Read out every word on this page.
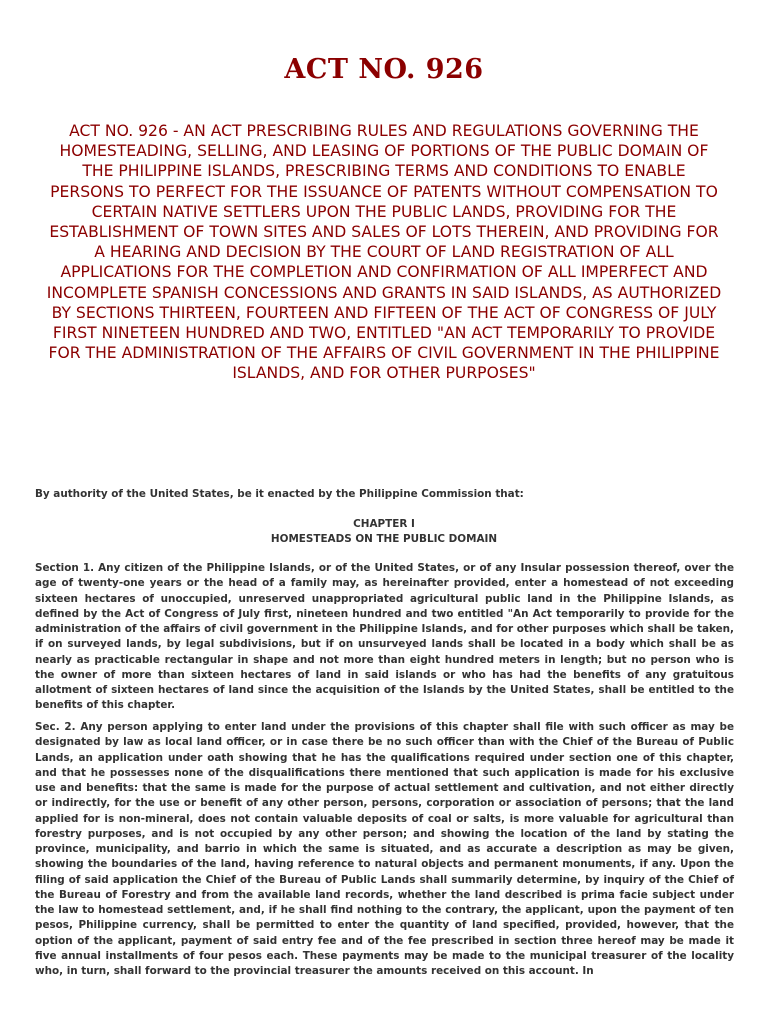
ACT NO. 926

ACT NO. 926 - AN ACT PRESCRIBING RULES AND REGULATIONS GOVERNING THE HOMESTEADING, SELLING, AND LEASING OF PORTIONS OF THE PUBLIC DOMAIN OF THE PHILIPPINE ISLANDS, PRESCRIBING TERMS AND CONDITIONS TO ENABLE PERSONS TO PERFECT FOR THE ISSUANCE OF PATENTS WITHOUT COMPENSATION TO CERTAIN NATIVE SETTLERS UPON THE PUBLIC LANDS, PROVIDING FOR THE ESTABLISHMENT OF TOWN SITES AND SALES OF LOTS THEREIN, AND PROVIDING FOR A HEARING AND DECISION BY THE COURT OF LAND REGISTRATION OF ALL APPLICATIONS FOR THE COMPLETION AND CONFIRMATION OF ALL IMPERFECT AND INCOMPLETE SPANISH CONCESSIONS AND GRANTS IN SAID ISLANDS, AS AUTHORIZED BY SECTIONS THIRTEEN, FOURTEEN AND FIFTEEN OF THE ACT OF CONGRESS OF JULY FIRST NINETEEN HUNDRED AND TWO, ENTITLED "AN ACT TEMPORARILY TO PROVIDE FOR THE ADMINISTRATION OF THE AFFAIRS OF CIVIL GOVERNMENT IN THE PHILIPPINE ISLANDS, AND FOR OTHER PURPOSES"

By authority of the United States, be it enacted by the Philippine Commission that:

CHAPTER I
HOMESTEADS ON THE PUBLIC DOMAIN

Section 1. Any citizen of the Philippine Islands, or of the United States, or of any Insular possession thereof, over the age of twenty-one years or the head of a family may, as hereinafter provided, enter a homestead of not exceeding sixteen hectares of unoccupied, unreserved unappropriated agricultural public land in the Philippine Islands, as defined by the Act of Congress of July first, nineteen hundred and two entitled "An Act temporarily to provide for the administration of the affairs of civil government in the Philippine Islands, and for other purposes which shall be taken, if on surveyed lands, by legal subdivisions, but if on unsurveyed lands shall be located in a body which shall be as nearly as practicable rectangular in shape and not more than eight hundred meters in length; but no person who is the owner of more than sixteen hectares of land in said islands or who has had the benefits of any gratuitous allotment of sixteen hectares of land since the acquisition of the Islands by the United States, shall be entitled to the benefits of this chapter.

Sec. 2. Any person applying to enter land under the provisions of this chapter shall file with such officer as may be designated by law as local land officer, or in case there be no such officer than with the Chief of the Bureau of Public Lands, an application under oath showing that he has the qualifications required under section one of this chapter, and that he possesses none of the disqualifications there mentioned that such application is made for his exclusive use and benefits: that the same is made for the purpose of actual settlement and cultivation, and not either directly or indirectly, for the use or benefit of any other person, persons, corporation or association of persons; that the land applied for is non-mineral, does not contain valuable deposits of coal or salts, is more valuable for agricultural than forestry purposes, and is not occupied by any other person; and showing the location of the land by stating the province, municipality, and barrio in which the same is situated, and as accurate a description as may be given, showing the boundaries of the land, having reference to natural objects and permanent monuments, if any. Upon the filing of said application the Chief of the Bureau of Public Lands shall summarily determine, by inquiry of the Chief of the Bureau of Forestry and from the available land records, whether the land described is prima facie subject under the law to homestead settlement, and, if he shall find nothing to the contrary, the applicant, upon the payment of ten pesos, Philippine currency, shall be permitted to enter the quantity of land specified, provided, however, that the option of the applicant, payment of said entry fee and of the fee prescribed in section three hereof may be made it five annual installments of four pesos each. These payments may be made to the municipal treasurer of the locality who, in turn, shall forward to the provincial treasurer the amounts received on this account. In
